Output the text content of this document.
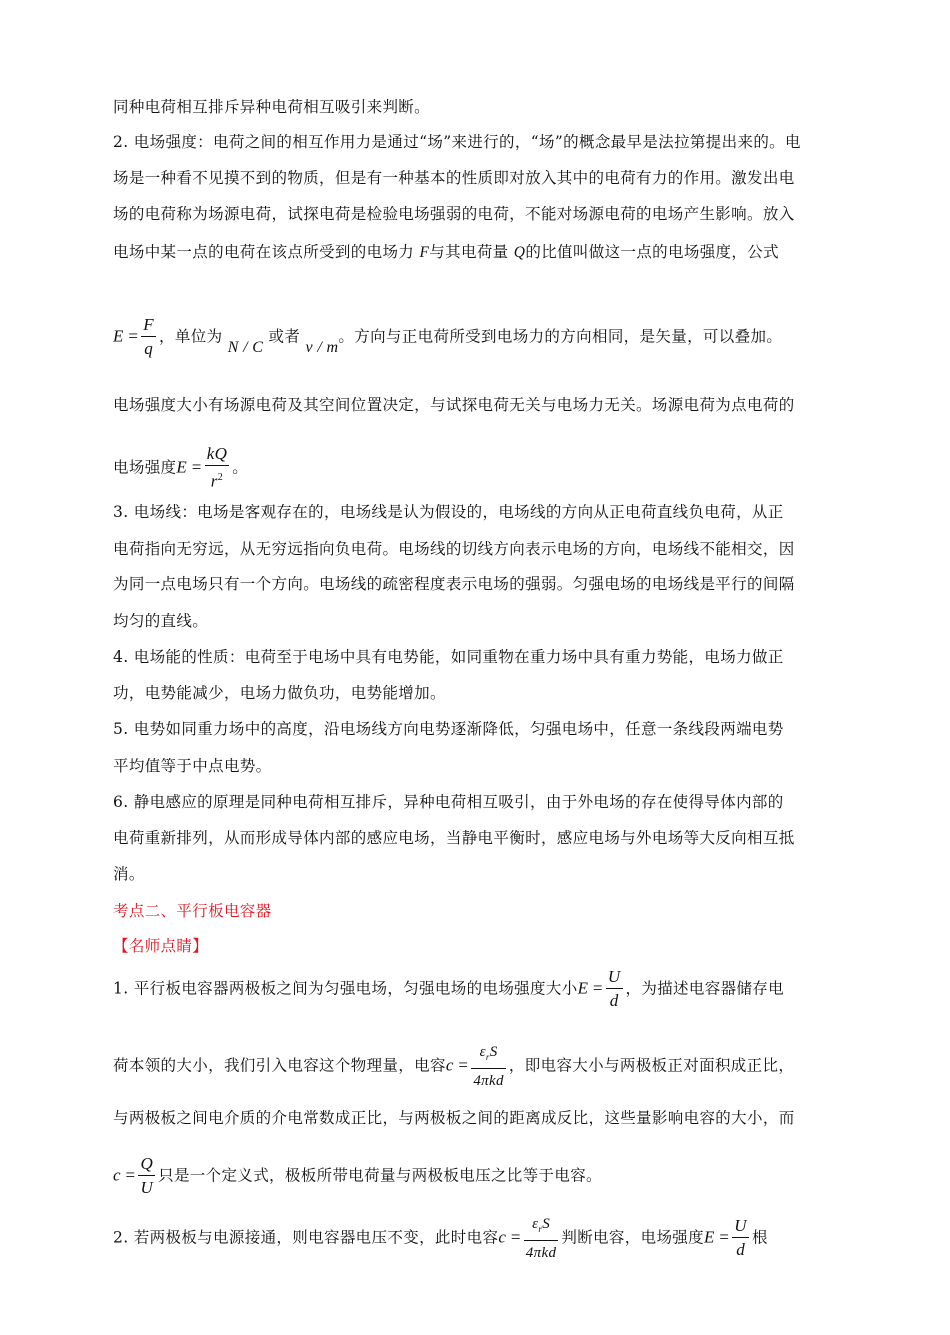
同种电荷相互排斥异种电荷相互吸引来判断。
2. 电场强度：电荷之间的相互作用力是通过“场”来进行的，“场”的概念最早是法拉第提出来的。电
场是一种看不见摸不到的物质，但是有一种基本的性质即对放入其中的电荷有力的作用。激发出电
场的电荷称为场源电荷，试探电荷是检验电场强弱的电荷，不能对场源电荷的电场产生影响。放入
电场中某一点的电荷在该点所受到的电场力 F与其电荷量 Q的比值叫做这一点的电场强度，公式
$E = \frac{F}{q}$ ，单位为 N / C 或者 v / m。方向与正电荷所受到电场力的方向相同，是矢量，可以叠加。
电场强度大小有场源电荷及其空间位置决定，与试探电荷无关与电场力无关。场源电荷为点电荷的
电场强度$E = \frac{kQ}{r^2}$ 。
3. 电场线：电场是客观存在的，电场线是认为假设的，电场线的方向从正电荷直线负电荷，从正
电荷指向无穷远，从无穷远指向负电荷。电场线的切线方向表示电场的方向，电场线不能相交，因
为同一点电场只有一个方向。电场线的疏密程度表示电场的强弱。匀强电场的电场线是平行的间隔
均匀的直线。
4. 电场能的性质：电荷至于电场中具有电势能，如同重物在重力场中具有重力势能，电场力做正
功，电势能减少，电场力做负功，电势能增加。
5. 电势如同重力场中的高度，沿电场线方向电势逐渐降低，匀强电场中，任意一条线段两端电势
平均值等于中点电势。
6. 静电感应的原理是同种电荷相互排斥，异种电荷相互吸引，由于外电场的存在使得导体内部的
电荷重新排列，从而形成导体内部的感应电场，当静电平衡时，感应电场与外电场等大反向相互抵
消。
考点二、平行板电容器
【名师点睛】
1. 平行板电容器两极板之间为匀强电场，匀强电场的电场强度大小$E = \frac{U}{d}$ ，为描述电容器储存电
荷本领的大小，我们引入电容这个物理量，电容$c = \frac{\varepsilon_rS}{\text{4πkd}}$ ，即电容大小与两极板正对面积成正比，
与两极板之间电介质的介电常数成正比，与两极板之间的距离成反比，这些量影响电容的大小，而
$c = \frac{Q}{U}$ 只是一个定义式，极板所带电荷量与两极板电压之比等于电容。
2. 若两极板与电源接通，则电容器电压不变，此时电容$c = \frac{\varepsilon_rS}{\text{4πkd}}$ 判断电容，电场强度$E = \frac{U}{d}$ 根
